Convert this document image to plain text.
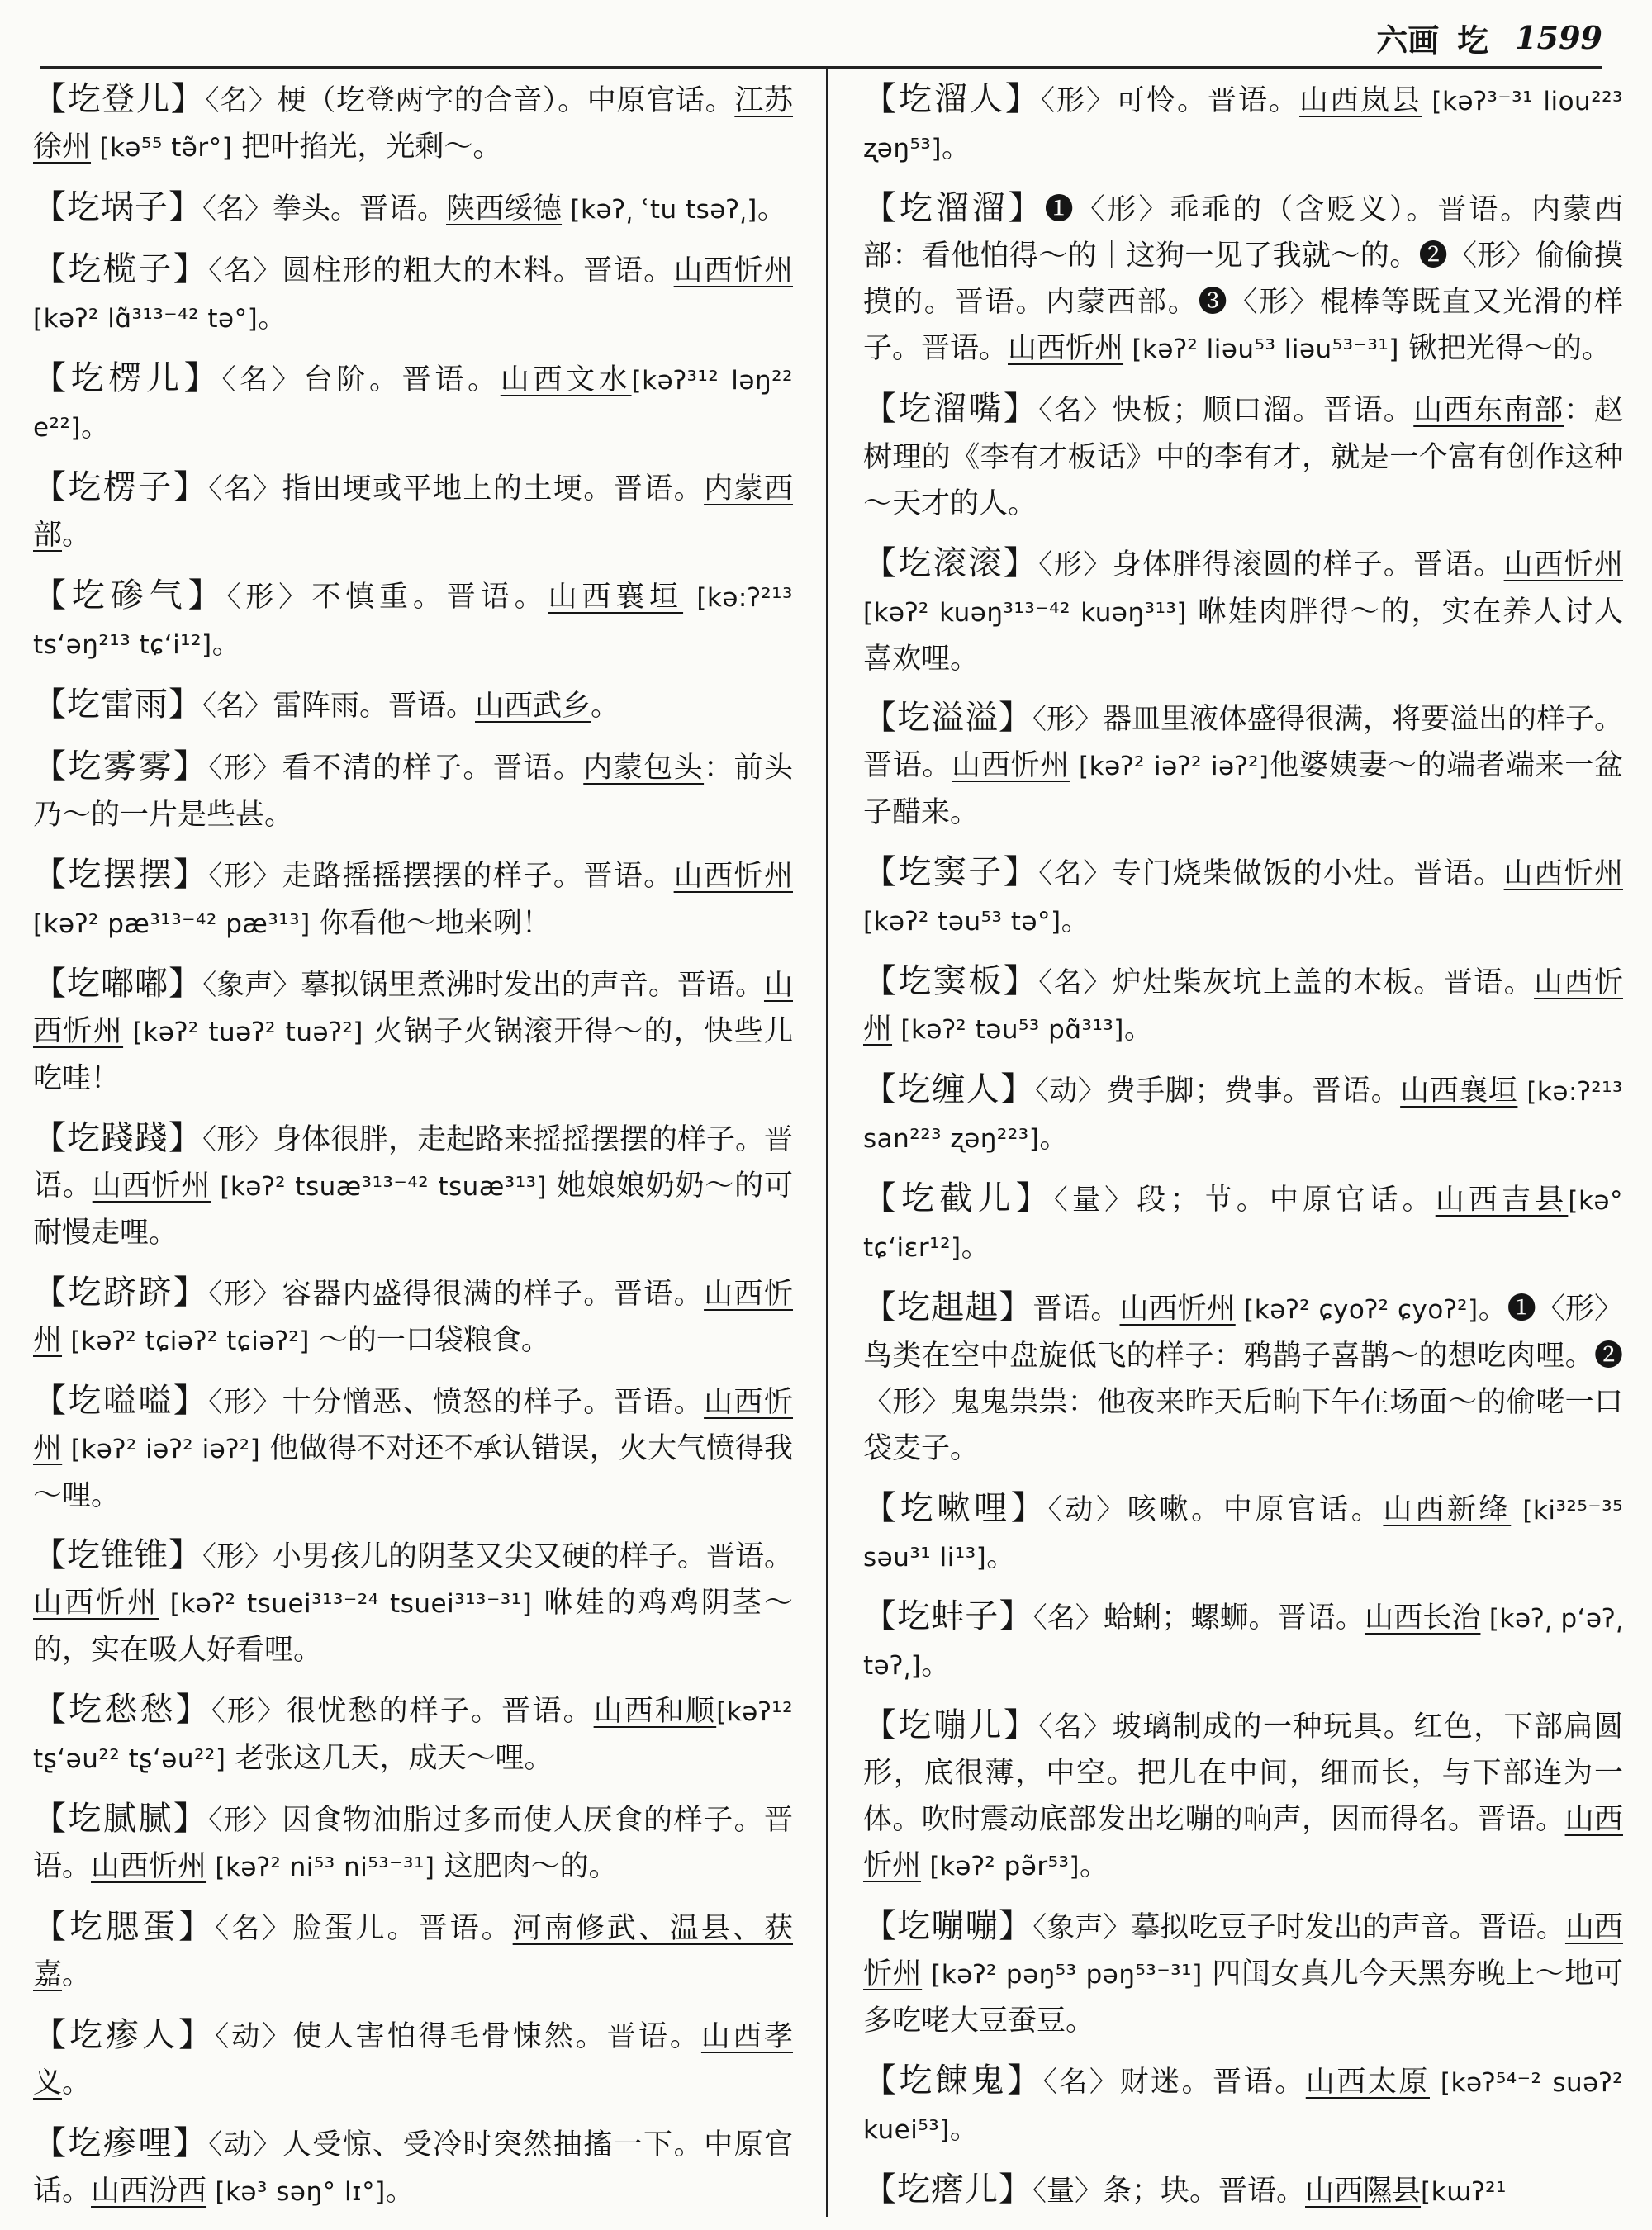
六画 圪 1599
【圪登儿】〈名〉梗（圪登两字的合音）。中原官话。江苏徐州 [kə⁵⁵ tə̃r°] 把叶掐光，光剩～。
【圪埚子】〈名〉拳头。晋语。陕西绥德 [kəʔ͵ ʿtu tsəʔ͵]。
【圪榄子】〈名〉圆柱形的粗大的木料。晋语。山西忻州 [kəʔ² lɑ̃³¹³⁻⁴² tə°]。
【圪楞儿】〈名〉台阶。晋语。山西文水[kəʔ³¹² ləŋ²² e²²]。
【圪楞子】〈名〉指田埂或平地上的土埂。晋语。内蒙西部。
【圪碜气】〈形〉不慎重。晋语。山西襄垣 [kə:ʔ²¹³ tsʻəŋ²¹³ tɕʻi¹²]。
【圪雷雨】〈名〉雷阵雨。晋语。山西武乡。
【圪雾雾】〈形〉看不清的样子。晋语。内蒙包头：前头乃～的一片是些甚。
【圪摆摆】〈形〉走路摇摇摆摆的样子。晋语。山西忻州 [kəʔ² pæ³¹³⁻⁴² pæ³¹³] 你看他～地来咧！
【圪嘟嘟】〈象声〉摹拟锅里煮沸时发出的声音。晋语。山西忻州 [kəʔ² tuəʔ² tuəʔ²] 火锅子火锅滚开得～的，快些儿吃哇！
【圪踐踐】〈形〉身体很胖，走起路来摇摇摆摆的样子。晋语。山西忻州 [kəʔ² tsuæ³¹³⁻⁴² tsuæ³¹³] 她娘娘奶奶～的可耐慢走哩。
【圪跻跻】〈形〉容器内盛得很满的样子。晋语。山西忻州 [kəʔ² tɕiəʔ² tɕiəʔ²] ～的一口袋粮食。
【圪嗌嗌】〈形〉十分憎恶、愤怒的样子。晋语。山西忻州 [kəʔ² iəʔ² iəʔ²] 他做得不对还不承认错误，火大气愤得我～哩。
【圪锥锥】〈形〉小男孩儿的阴茎又尖又硬的样子。晋语。山西忻州 [kəʔ² tsuei³¹³⁻²⁴ tsuei³¹³⁻³¹] 咻娃的鸡鸡阴茎～的，实在吸人好看哩。
【圪愁愁】〈形〉很忧愁的样子。晋语。山西和顺[kəʔ¹² tʂʻəu²² tʂʻəu²²] 老张这几天，成天～哩。
【圪腻腻】〈形〉因食物油脂过多而使人厌食的样子。晋语。山西忻州 [kəʔ² ni⁵³ ni⁵³⁻³¹] 这肥肉～的。
【圪腮蛋】〈名〉脸蛋儿。晋语。河南修武、温县、获嘉。
【圪瘆人】〈动〉使人害怕得毛骨悚然。晋语。山西孝义。
【圪瘆哩】〈动〉人受惊、受冷时突然抽搐一下。中原官话。山西汾西 [kə³ səŋ° lɪ°]。
【圪溜人】〈形〉可怜。晋语。山西岚县 [kəʔ³⁻³¹ liou²²³ ʐəŋ⁵³]。
【圪溜溜】❶〈形〉乖乖的（含贬义）。晋语。内蒙西部：看他怕得～的｜这狗一见了我就～的。❷〈形〉偷偷摸摸的。晋语。内蒙西部。❸〈形〉棍棒等既直又光滑的样子。晋语。山西忻州 [kəʔ² liəu⁵³ liəu⁵³⁻³¹] 锹把光得～的。
【圪溜嘴】〈名〉快板；顺口溜。晋语。山西东南部：赵树理的《李有才板话》中的李有才，就是一个富有创作这种～天才的人。
【圪滚滚】〈形〉身体胖得滚圆的样子。晋语。山西忻州 [kəʔ² kuəŋ³¹³⁻⁴² kuəŋ³¹³] 咻娃肉胖得～的，实在养人讨人喜欢哩。
【圪溢溢】〈形〉器皿里液体盛得很满，将要溢出的样子。晋语。山西忻州 [kəʔ² iəʔ² iəʔ²]他婆姨妻～的端者端来一盆子醋来。
【圪窦子】〈名〉专门烧柴做饭的小灶。晋语。山西忻州 [kəʔ² təu⁵³ tə°]。
【圪窦板】〈名〉炉灶柴灰坑上盖的木板。晋语。山西忻州 [kəʔ² təu⁵³ pɑ̃³¹³]。
【圪缠人】〈动〉费手脚；费事。晋语。山西襄垣 [kə:ʔ²¹³ san²²³ ʐəŋ²²³]。
【圪截儿】〈量〉段；节。中原官话。山西吉县[kə° tɕʻiɛr¹²]。
【圪趄趄】晋语。山西忻州 [kəʔ² ɕyoʔ² ɕyoʔ²]。❶〈形〉鸟类在空中盘旋低飞的样子：鸦鹊子喜鹊～的想吃肉哩。❷〈形〉鬼鬼祟祟：他夜来昨天后晌下午在场面～的偷咾一口袋麦子。
【圪嗽哩】〈动〉咳嗽。中原官话。山西新绛 [ki³²⁵⁻³⁵ səu³¹ li¹³]。
【圪蚌子】〈名〉蛤蜊；螺蛳。晋语。山西长治 [kəʔ͵ pʻəʔ͵ təʔ͵]。
【圪嘣儿】〈名〉玻璃制成的一种玩具。红色，下部扁圆形，底很薄，中空。把儿在中间，细而长，与下部连为一体。吹时震动底部发出圪嘣的响声，因而得名。晋语。山西忻州 [kəʔ² pə̃r⁵³]。
【圪嘣嘣】〈象声〉摹拟吃豆子时发出的声音。晋语。山西忻州 [kəʔ² pəŋ⁵³ pəŋ⁵³⁻³¹] 四闺女真儿今天黑夯晚上～地可多吃咾大豆蚕豆。
【圪餗鬼】〈名〉财迷。晋语。山西太原 [kəʔ⁵⁴⁻² suəʔ² kuei⁵³]。
【圪瘩儿】〈量〉条；块。晋语。山西隰县[kɯʔ²¹
